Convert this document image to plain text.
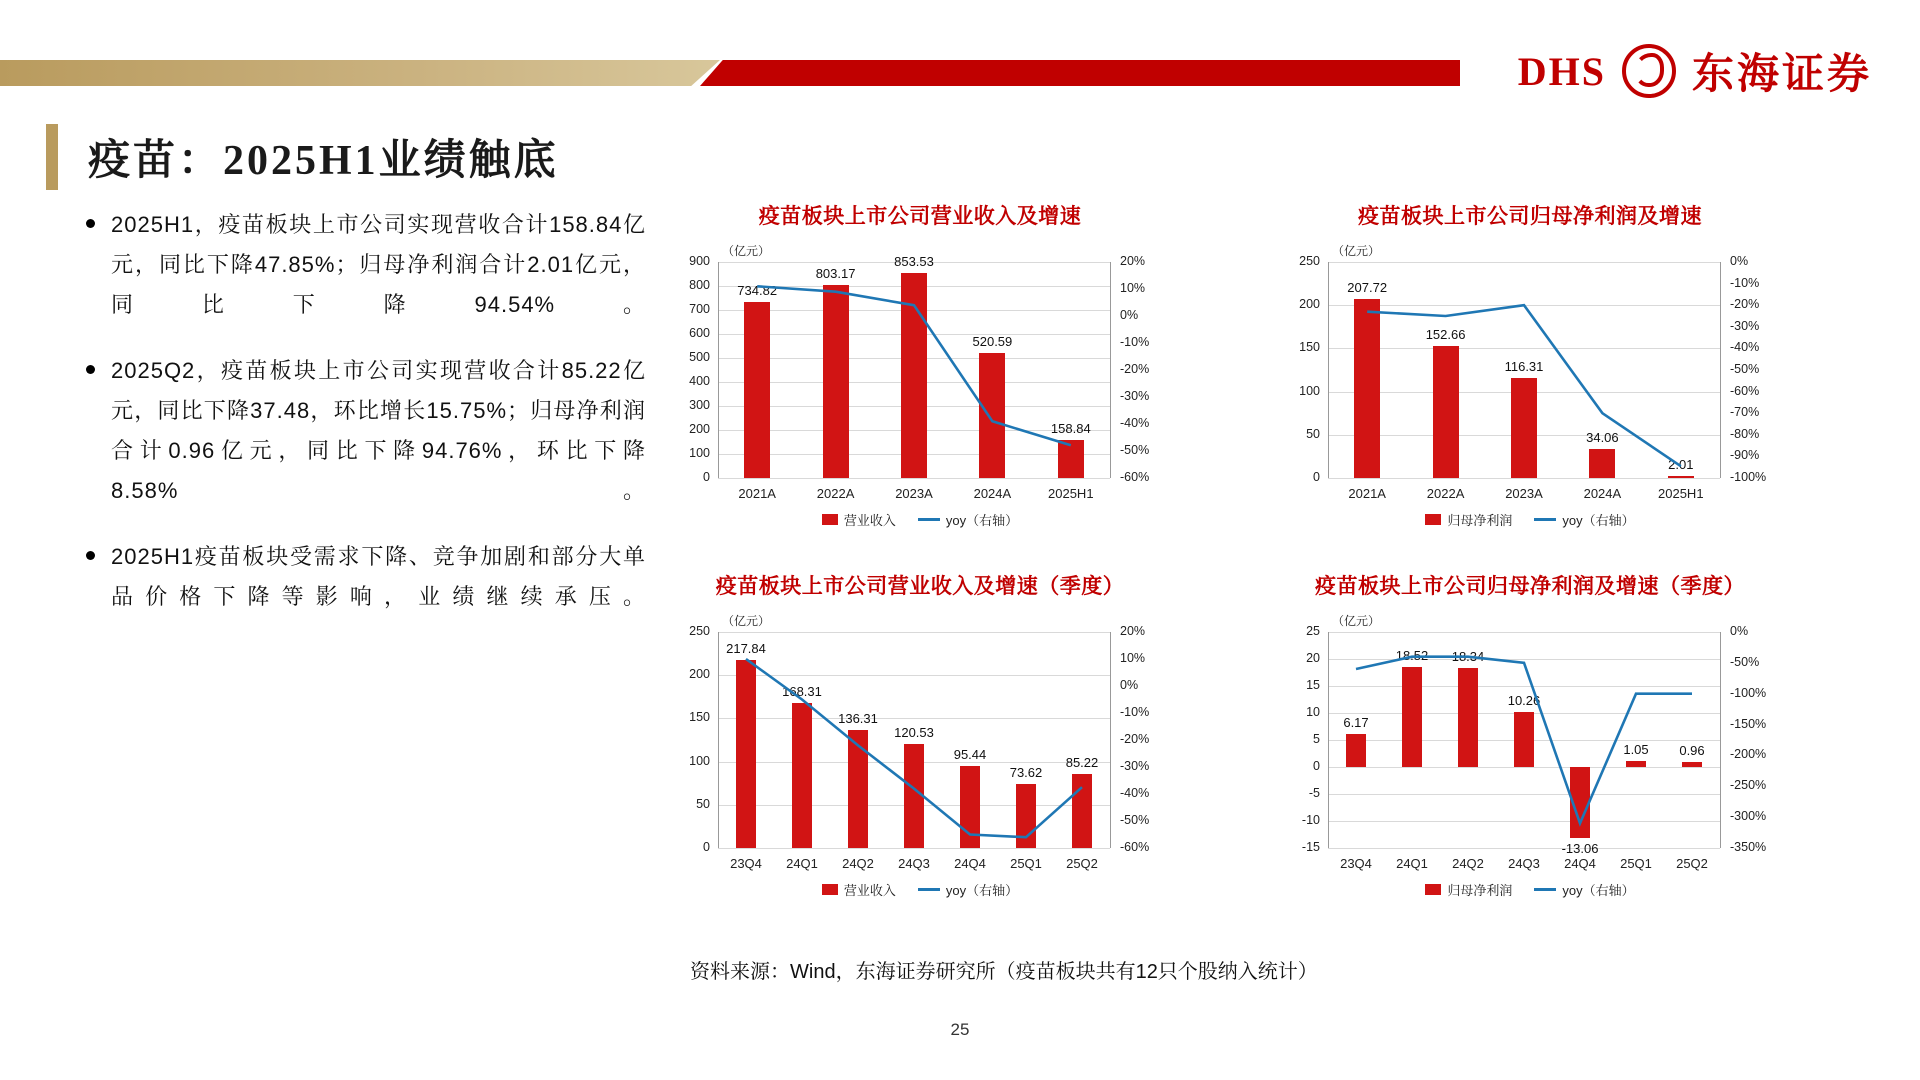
DHS 东海证券
疫苗：2025H1业绩触底
2025H1，疫苗板块上市公司实现营收合计158.84亿元，同比下降47.85%；归母净利润合计2.01亿元，同比下降94.54%。
2025Q2，疫苗板块上市公司实现营收合计85.22亿元，同比下降37.48，环比增长15.75%；归母净利润合计0.96亿元，同比下降94.76%，环比下降8.58%。
2025H1疫苗板块受需求下降、竞争加剧和部分大单品价格下降等影响，业绩继续承压。
疫苗板块上市公司营业收入及增速
（亿元）
0
100
200
300
400
500
600
700
800
900	20%
10%
0%
-10%
-20%
-30%
-40%
-50%
-60%
734.82
803.17
853.53
520.59
158.84
2021A	2022A	2023A	2024A	2025H1
营业收入	yoy（右轴）
疫苗板块上市公司归母净利润及增速
（亿元）
0
50
100
150
200
250	0%
-10%
-20%
-30%
-40%
-50%
-60%
-70%
-80%
-90%
-100%
207.72
152.66
116.31
34.06
2.01
2021A	2022A	2023A	2024A	2025H1
归母净利润	yoy（右轴）
疫苗板块上市公司营业收入及增速（季度）
（亿元）
0
50
100
150
200
250	20%
10%
0%
-10%
-20%
-30%
-40%
-50%
-60%
217.84
168.31
136.31
120.53
95.44
73.62
85.22
23Q4	24Q1	24Q2	24Q3	24Q4	25Q1	25Q2
营业收入	yoy（右轴）
疫苗板块上市公司归母净利润及增速（季度）
（亿元）
25
20
15
10
5
0
-5
-10
-15
0%
-50%
-100%
-150%
-200%
-250%
-300%
-350%
6.17
18.52	18.34
10.26
-13.06
1.05	0.96
23Q4	24Q1	24Q2	24Q3	24Q4	25Q1	25Q2
归母净利润	yoy（右轴）
资料来源：Wind，东海证券研究所（疫苗板块共有12只个股纳入统计）
25
